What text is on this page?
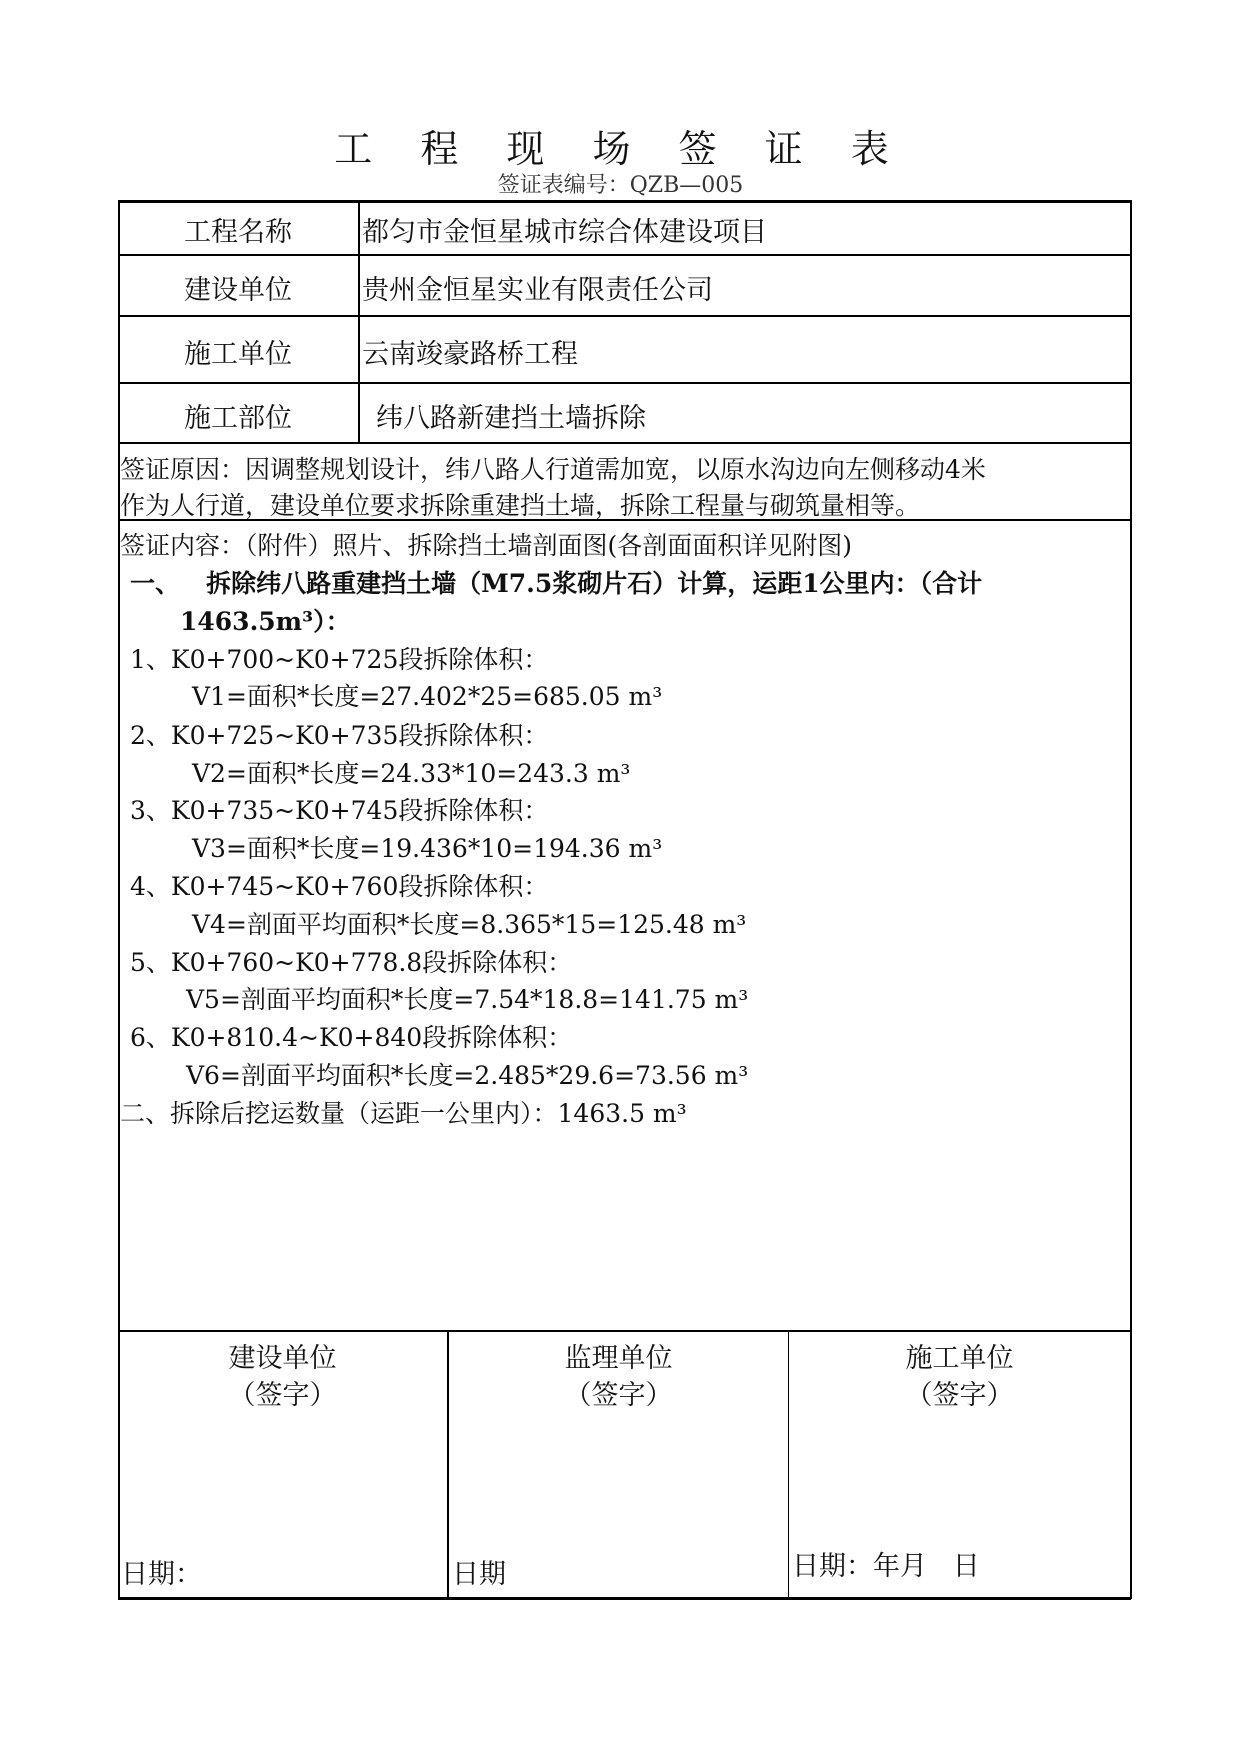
工 程 现 场 签 证 表
签证表编号：QZB—005
工程名称	都匀市金恒星城市综合体建设项目
建设单位	贵州金恒星实业有限责任公司
施工单位	云南竣豪路桥工程
施工部位	纬八路新建挡土墙拆除
签证原因：因调整规划设计，纬八路人行道需加宽，以原水沟边向左侧移动4米
作为人行道，建设单位要求拆除重建挡土墙，拆除工程量与砌筑量相等。
签证内容：（附件）照片、拆除挡土墙剖面图(各剖面面积详见附图)
一、   拆除纬八路重建挡土墙（M7.5浆砌片石）计算，运距1公里内：（合计
1463.5m³）：
1、K0+700~K0+725段拆除体积：
V1=面积*长度=27.402*25=685.05 m³
2、K0+725~K0+735段拆除体积：
V2=面积*长度=24.33*10=243.3 m³
3、K0+735~K0+745段拆除体积：
V3=面积*长度=19.436*10=194.36 m³
4、K0+745~K0+760段拆除体积：
V4=剖面平均面积*长度=8.365*15=125.48 m³
5、K0+760~K0+778.8段拆除体积：
V5=剖面平均面积*长度=7.54*18.8=141.75 m³
6、K0+810.4~K0+840段拆除体积：
V6=剖面平均面积*长度=2.485*29.6=73.56 m³
二、拆除后挖运数量（运距一公里内）：1463.5 m³
建设单位
（签字）
日期：
监理单位
（签字）
日期
施工单位
（签字）
日期：年月   日
